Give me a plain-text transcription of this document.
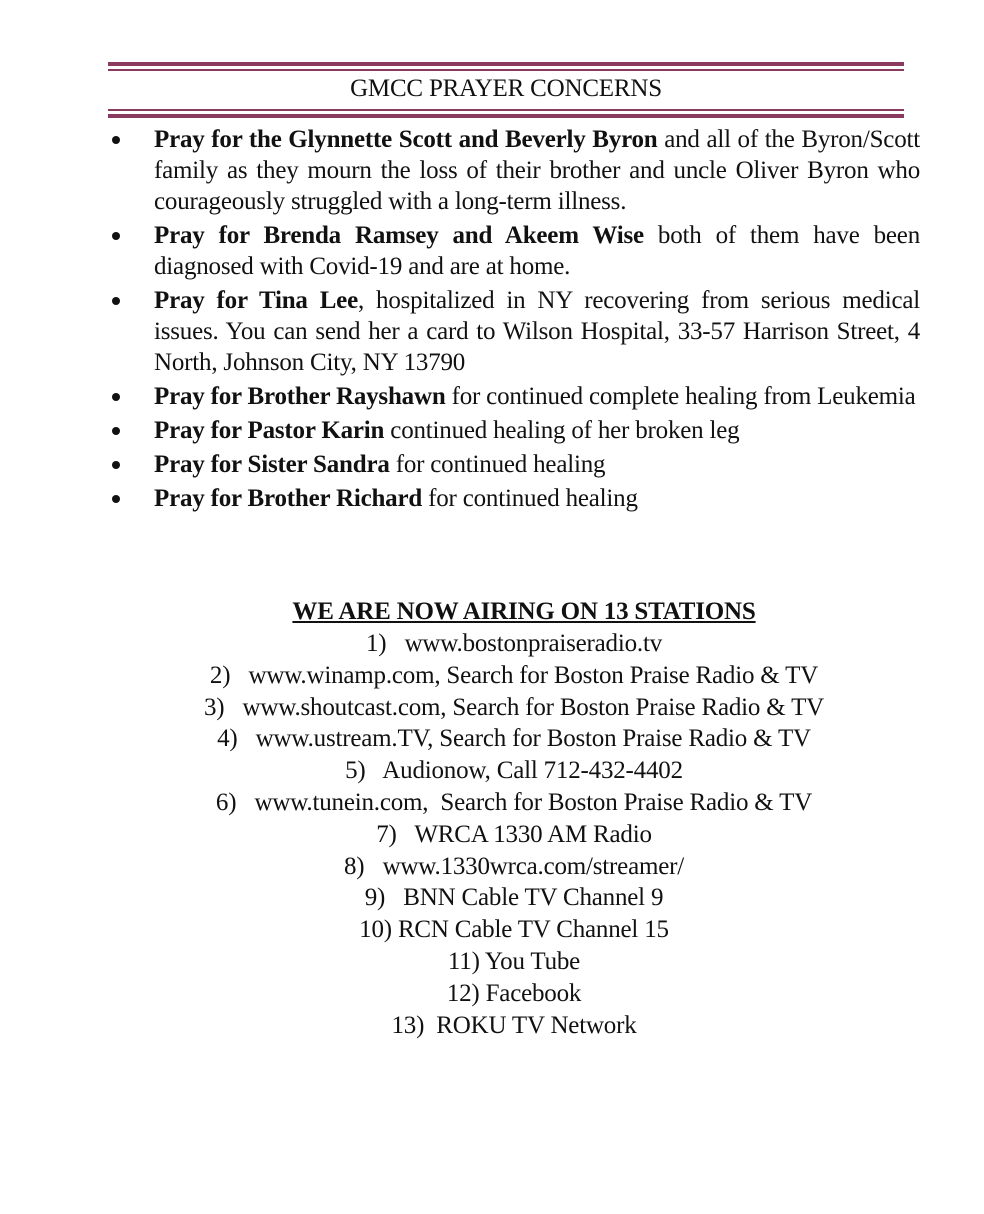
GMCC PRAYER CONCERNS
Pray for the Glynnette Scott and Beverly Byron and all of the Byron/Scott family as they mourn the loss of their brother and uncle Oliver Byron who courageously struggled with a long-term illness.
Pray for Brenda Ramsey and Akeem Wise both of them have been diagnosed with Covid-19 and are at home.
Pray for Tina Lee, hospitalized in NY recovering from serious medical issues. You can send her a card to Wilson Hospital, 33-57 Harrison Street, 4 North, Johnson City, NY 13790
Pray for Brother Rayshawn for continued complete healing from Leukemia
Pray for Pastor Karin continued healing of her broken leg
Pray for Sister Sandra for continued healing
Pray for Brother Richard for continued healing
WE ARE NOW AIRING ON 13 STATIONS
1)   www.bostonpraiseradio.tv
2)   www.winamp.com, Search for Boston Praise Radio & TV
3)   www.shoutcast.com, Search for Boston Praise Radio & TV
4)   www.ustream.TV, Search for Boston Praise Radio & TV
5)   Audionow, Call 712-432-4402
6)   www.tunein.com,  Search for Boston Praise Radio & TV
7)   WRCA 1330 AM Radio
8)   www.1330wrca.com/streamer/
9)   BNN Cable TV Channel 9
10) RCN Cable TV Channel 15
11) You Tube
12) Facebook
13)  ROKU TV Network
